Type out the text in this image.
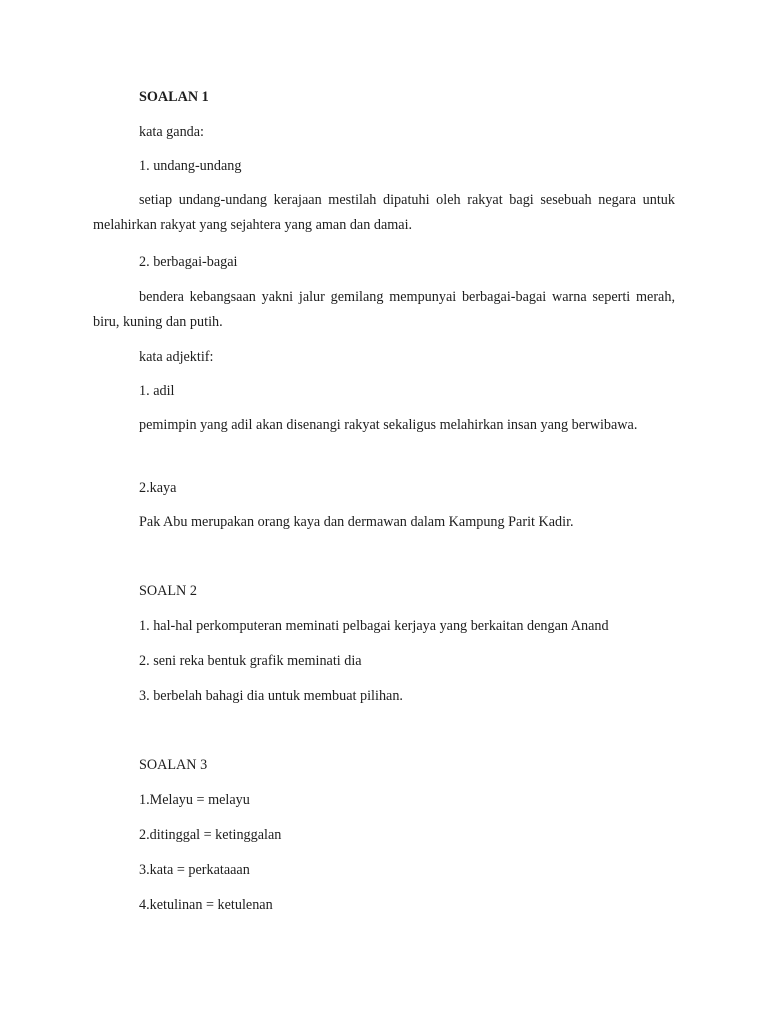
SOALAN 1
kata ganda:
1. undang-undang
setiap undang-undang kerajaan mestilah dipatuhi oleh rakyat bagi sesebuah negara untuk melahirkan rakyat yang sejahtera yang aman dan damai.
2. berbagai-bagai
bendera kebangsaan yakni jalur gemilang mempunyai berbagai-bagai warna seperti merah, biru, kuning dan putih.
kata adjektif:
1. adil
pemimpin yang adil akan disenangi rakyat sekaligus melahirkan insan yang berwibawa.
2.kaya
Pak Abu merupakan orang kaya dan dermawan dalam Kampung Parit Kadir.
SOALN 2
1. hal-hal perkomputeran meminati pelbagai kerjaya yang berkaitan dengan Anand
2. seni reka bentuk grafik meminati dia
3. berbelah bahagi dia untuk membuat pilihan.
SOALAN 3
1.Melayu = melayu
2.ditinggal = ketinggalan
3.kata = perkataaan
4.ketulinan = ketulenan
